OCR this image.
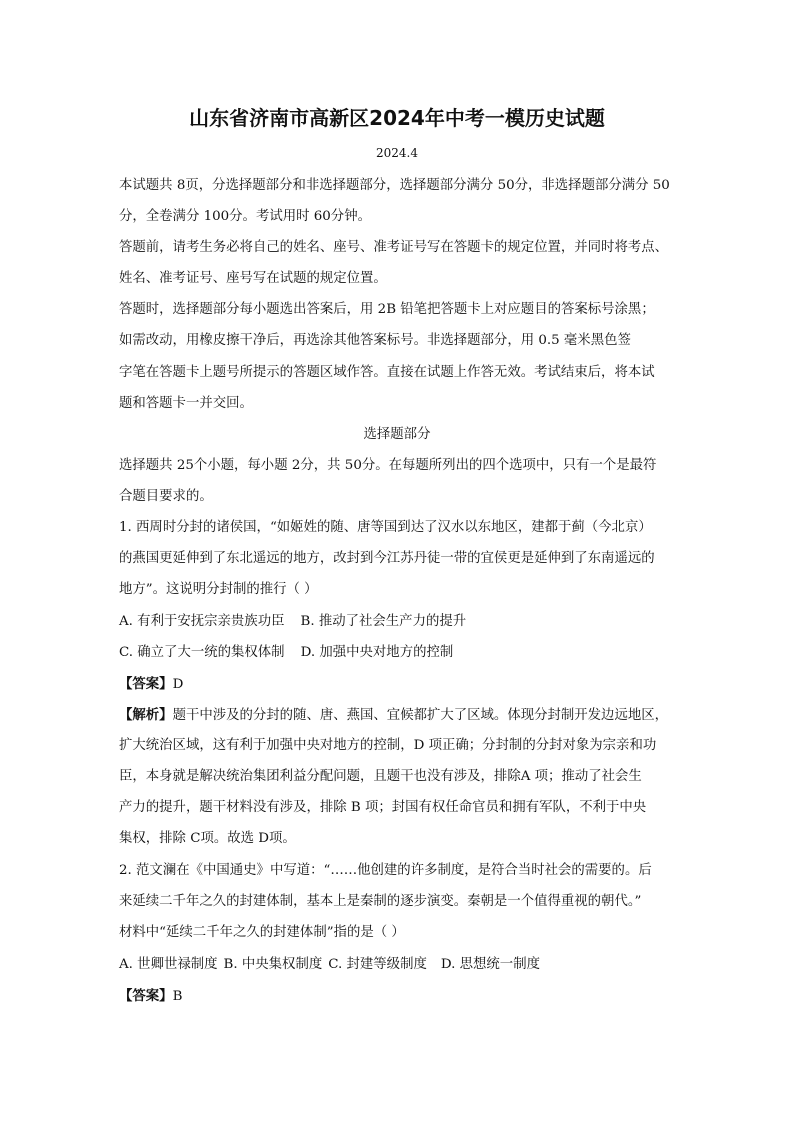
山东省济南市高新区2024年中考一模历史试题
2024.4
本试题共 8页，分选择题部分和非选择题部分，选择题部分满分 50分，非选择题部分满分 50
分，全卷满分 100分。考试用时 60分钟。
答题前，请考生务必将自己的姓名、座号、准考证号写在答题卡的规定位置，并同时将考点、
姓名、准考证号、座号写在试题的规定位置。
答题时，选择题部分每小题选出答案后，用 2B 铅笔把答题卡上对应题目的答案标号涂黑；
如需改动，用橡皮擦干净后，再选涂其他答案标号。非选择题部分，用 0.5 毫米黑色签
字笔在答题卡上题号所提示的答题区域作答。直接在试题上作答无效。考试结束后，将本试
题和答题卡一并交回。
选择题部分
选择题共 25个小题，每小题 2分，共 50分。在每题所列出的四个选项中，只有一个是最符
合题目要求的。
1. 西周时分封的诸侯国，“如姬姓的随、唐等国到达了汉水以东地区，建都于蓟（今北京）
的燕国更延伸到了东北遥远的地方，改封到今江苏丹徒一带的宜侯更是延伸到了东南遥远的
地方”。这说明分封制的推行（ ）
A. 有利于安抚宗亲贵族功臣 B. 推动了社会生产力的提升
C. 确立了大一统的集权体制 D. 加强中央对地方的控制
【答案】D
【解析】题干中涉及的分封的随、唐、燕国、宜候都扩大了区域。体现分封制开发边远地区，
扩大统治区域，这有利于加强中央对地方的控制，D 项正确；分封制的分封对象为宗亲和功
臣，本身就是解决统治集团利益分配问题，且题干也没有涉及，排除A 项；推动了社会生
产力的提升，题干材料没有涉及，排除 B 项；封国有权任命官员和拥有军队，不利于中央
集权，排除 C项。故选 D项。
2. 范文澜在《中国通史》中写道：“……他创建的许多制度，是符合当时社会的需要的。后
来延续二千年之久的封建体制，基本上是秦制的逐步演变。秦朝是一个值得重视的朝代。”
材料中“延续二千年之久的封建体制”指的是（ ）
A. 世卿世禄制度 B. 中央集权制度 C. 封建等级制度 D. 思想统一制度
【答案】B
